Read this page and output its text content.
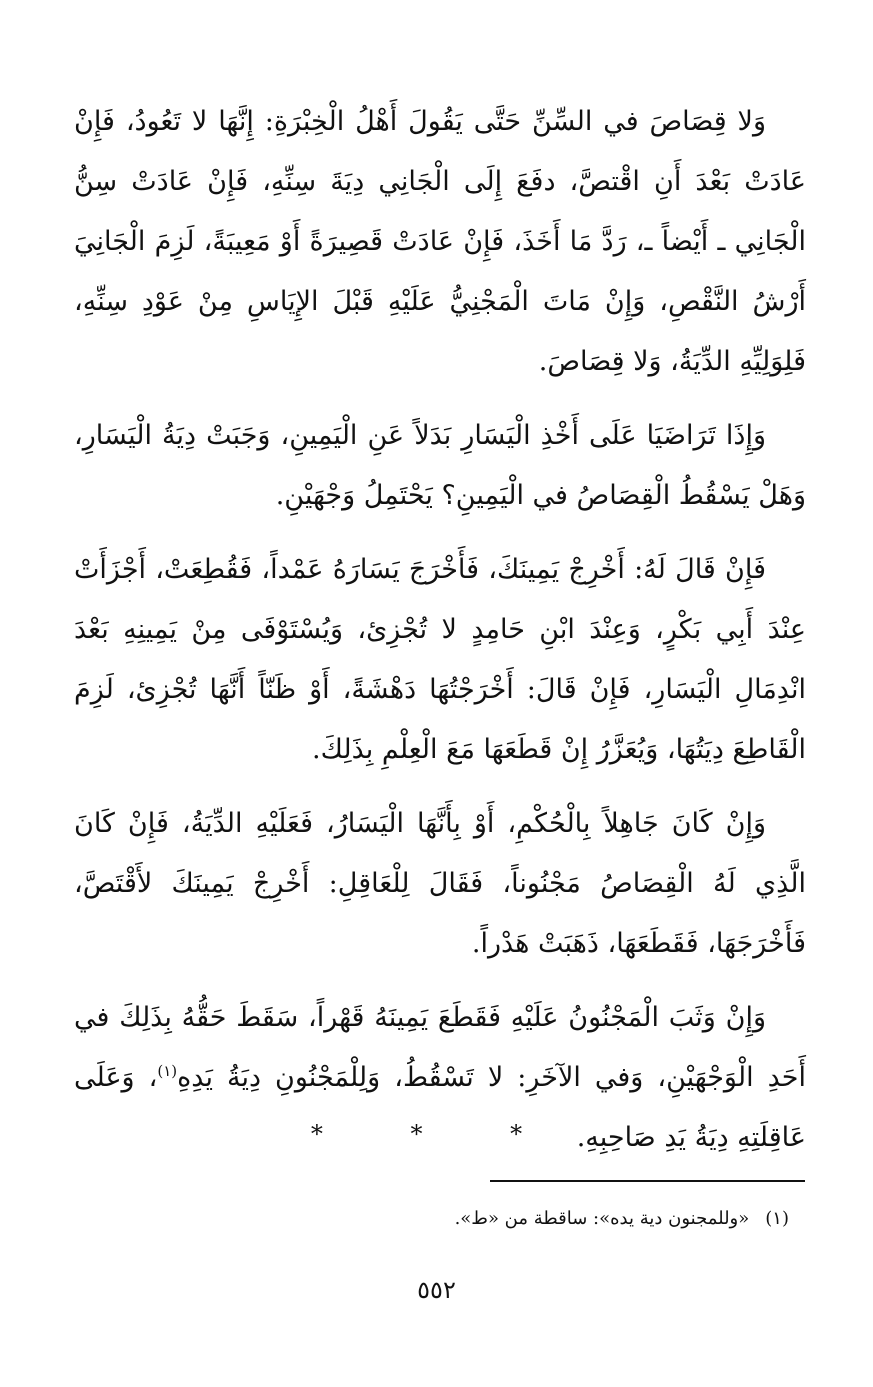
وَلا قِصَاصَ في السِّنِّ حَتَّى يَقُولَ أَهْلُ الْخِبْرَةِ: إِنَّهَا لا تَعُودُ، فَإِنْ عَادَتْ بَعْدَ أَنِ اقْتصَّ، دفَعَ إِلَى الْجَانِي دِيَةَ سِنِّهِ، فَإِنْ عَادَتْ سِنُّ الْجَانِي ـ أَيْضاً ـ، رَدَّ مَا أَخَذَ، فَإِنْ عَادَتْ قَصِيرَةً أَوْ مَعِيبَةً، لَزِمَ الْجَانِيَ أَرْشُ النَّقْصِ، وَإِنْ مَاتَ الْمَجْنِيُّ عَلَيْهِ قَبْلَ الإِيَاسِ مِنْ عَوْدِ سِنِّهِ، فَلِوَلِيِّهِ الدِّيَةُ، وَلا قِصَاصَ.

وَإِذَا تَرَاضَيَا عَلَى أَخْذِ الْيَسَارِ بَدَلاً عَنِ الْيَمِينِ، وَجَبَتْ دِيَةُ الْيَسَارِ، وَهَلْ يَسْقُطُ الْقِصَاصُ في الْيَمِينِ؟ يَحْتَمِلُ وَجْهَيْنِ.

فَإِنْ قَالَ لَهُ: أَخْرِجْ يَمِينَكَ، فَأَخْرَجَ يَسَارَهُ عَمْداً، فَقُطِعَتْ، أَجْزَأَتْ عِنْدَ أَبِي بَكْرٍ، وَعِنْدَ ابْنِ حَامِدٍ لا تُجْزِئ، وَيُسْتَوْفَى مِنْ يَمِينِهِ بَعْدَ انْدِمَالِ الْيَسَارِ، فَإِنْ قَالَ: أَخْرَجْتُهَا دَهْشَةً، أَوْ ظَنّاً أَنَّهَا تُجْزِئ، لَزِمَ الْقَاطِعَ دِيَتُهَا، وَيُعَزَّرُ إِنْ قَطَعَهَا مَعَ الْعِلْمِ بِذَلِكَ.

وَإِنْ كَانَ جَاهِلاً بِالْحُكْمِ، أَوْ بِأَنَّهَا الْيَسَارُ، فَعَلَيْهِ الدِّيَةُ، فَإِنْ كَانَ الَّذِي لَهُ الْقِصَاصُ مَجْنُوناً، فَقَالَ لِلْعَاقِلِ: أَخْرِجْ يَمِينَكَ لأَقْتَصَّ، فَأَخْرَجَهَا، فَقَطَعَهَا، ذَهَبَتْ هَدْراً.

وَإِنْ وَثَبَ الْمَجْنُونُ عَلَيْهِ فَقَطَعَ يَمِينَهُ قَهْراً، سَقَطَ حَقُّهُ بِذَلِكَ في أَحَدِ الْوَجْهَيْنِ، وَفي الآخَرِ: لا تَسْقُطُ، وَلِلْمَجْنُونِ دِيَةُ يَدِهِ$^{(١)}$، وَعَلَى عَاقِلَتِهِ دِيَةُ يَدِ صَاحِبِهِ.

* * *
(١)«وللمجنون دية يده»: ساقطة من «ط».
٥٥٢
